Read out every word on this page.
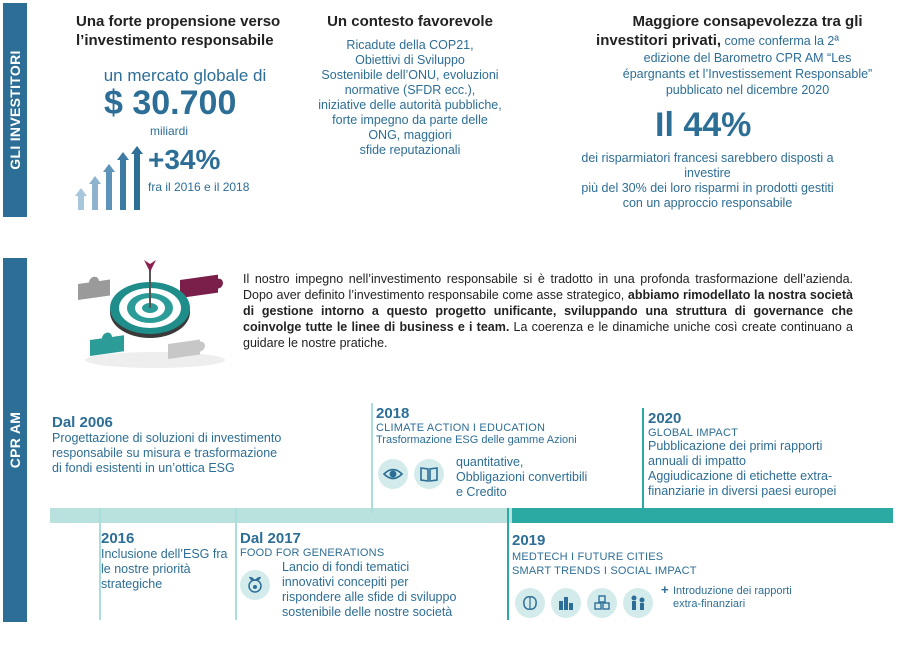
GLI INVESTITORI
CPR AM
Una forte propensione verso l’investimento responsabile
un mercato globale di
$ 30.700
miliardi
+34%
fra il 2016 e il 2018
Un contesto favorevole
Ricadute della COP21,
Obiettivi di Sviluppo
Sostenibile dell’ONU, evoluzioni
normative (SFDR ecc.),
iniziative delle autorità pubbliche,
forte impegno da parte delle
ONG, maggiori
sfide reputazionali
Maggiore consapevolezza tra gli
investitori privati, come conferma la 2ª
edizione del Barometro CPR AM “Les
épargnants et l’Investissement Responsable”
pubblicato nel dicembre 2020
Il 44%
dei risparmiatori francesi sarebbero disposti a
investire
più del 30% dei loro risparmi in prodotti gestiti
con un approccio responsabile
Il nostro impegno nell’investimento responsabile si è tradotto in una profonda trasformazione dell’azienda. Dopo aver definito l’investimento responsabile come asse strategico, abbiamo rimodellato la nostra società di gestione intorno a questo progetto unificante, sviluppando una struttura di governance che coinvolge tutte le linee di business e i team. La coerenza e le dinamiche uniche così create continuano a guidare le nostre pratiche.
Dal 2006
Progettazione di soluzioni di investimento
responsabile su misura e trasformazione
di fondi esistenti in un’ottica ESG
2016
Inclusione dell’ESG fra
le nostre priorità
strategiche
Dal 2017
FOOD FOR GENERATIONS
Lancio di fondi tematici
innovativi concepiti per
rispondere alle sfide di sviluppo
sostenibile delle nostre società
2018
CLIMATE ACTION I EDUCATION
Trasformazione ESG delle gamme Azioni
quantitative,
Obbligazioni convertibili
e Credito
2019
MEDTECH I FUTURE CITIES
SMART TRENDS I SOCIAL IMPACT
+ Introduzione dei rapporti
extra-finanziari
2020
GLOBAL IMPACT
Pubblicazione dei primi rapporti
annuali di impatto
Aggiudicazione di etichette extra-
finanziarie in diversi paesi europei
